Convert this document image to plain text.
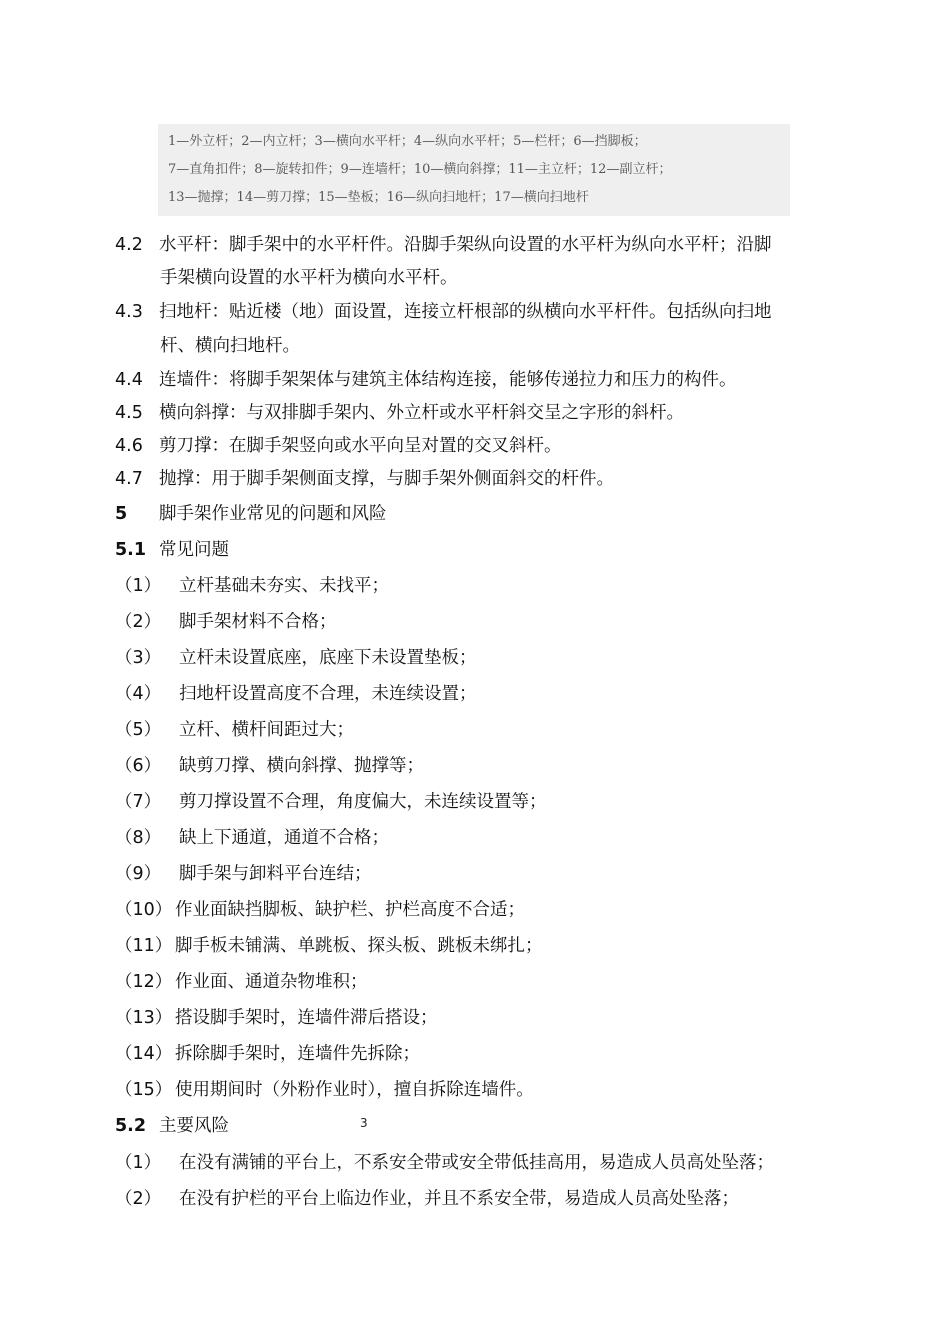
1—外立杆；2—内立杆；3—横向水平杆；4—纵向水平杆；5—栏杆；6—挡脚板；
7—直角扣件；8—旋转扣件；9—连墙杆；10—横向斜撑；11—主立杆；12—副立杆；
13—抛撑；14—剪刀撑；15—垫板；16—纵向扫地杆；17—横向扫地杆
4.2 水平杆：脚手架中的水平杆件。沿脚手架纵向设置的水平杆为纵向水平杆；沿脚
手架横向设置的水平杆为横向水平杆。
4.3 扫地杆：贴近楼（地）面设置，连接立杆根部的纵横向水平杆件。包括纵向扫地
杆、横向扫地杆。
4.4 连墙件：将脚手架架体与建筑主体结构连接，能够传递拉力和压力的构件。
4.5 横向斜撑：与双排脚手架内、外立杆或水平杆斜交呈之字形的斜杆。
4.6 剪刀撑：在脚手架竖向或水平向呈对置的交叉斜杆。
4.7 抛撑：用于脚手架侧面支撑，与脚手架外侧面斜交的杆件。
5 脚手架作业常见的问题和风险
5.1 常见问题
（1） 立杆基础未夯实、未找平；
（2） 脚手架材料不合格；
（3） 立杆未设置底座，底座下未设置垫板；
（4） 扫地杆设置高度不合理，未连续设置；
（5） 立杆、横杆间距过大；
（6） 缺剪刀撑、横向斜撑、抛撑等；
（7） 剪刀撑设置不合理，角度偏大，未连续设置等；
（8） 缺上下通道，通道不合格；
（9） 脚手架与卸料平台连结；
（10） 作业面缺挡脚板、缺护栏、护栏高度不合适；
（11） 脚手板未铺满、单跳板、探头板、跳板未绑扎；
（12） 作业面、通道杂物堆积；
（13） 搭设脚手架时，连墙件滞后搭设；
（14） 拆除脚手架时，连墙件先拆除；
（15） 使用期间时（外粉作业时），擅自拆除连墙件。
5.2 主要风险	3
（1） 在没有满铺的平台上，不系安全带或安全带低挂高用，易造成人员高处坠落；
（2） 在没有护栏的平台上临边作业，并且不系安全带，易造成人员高处坠落；
